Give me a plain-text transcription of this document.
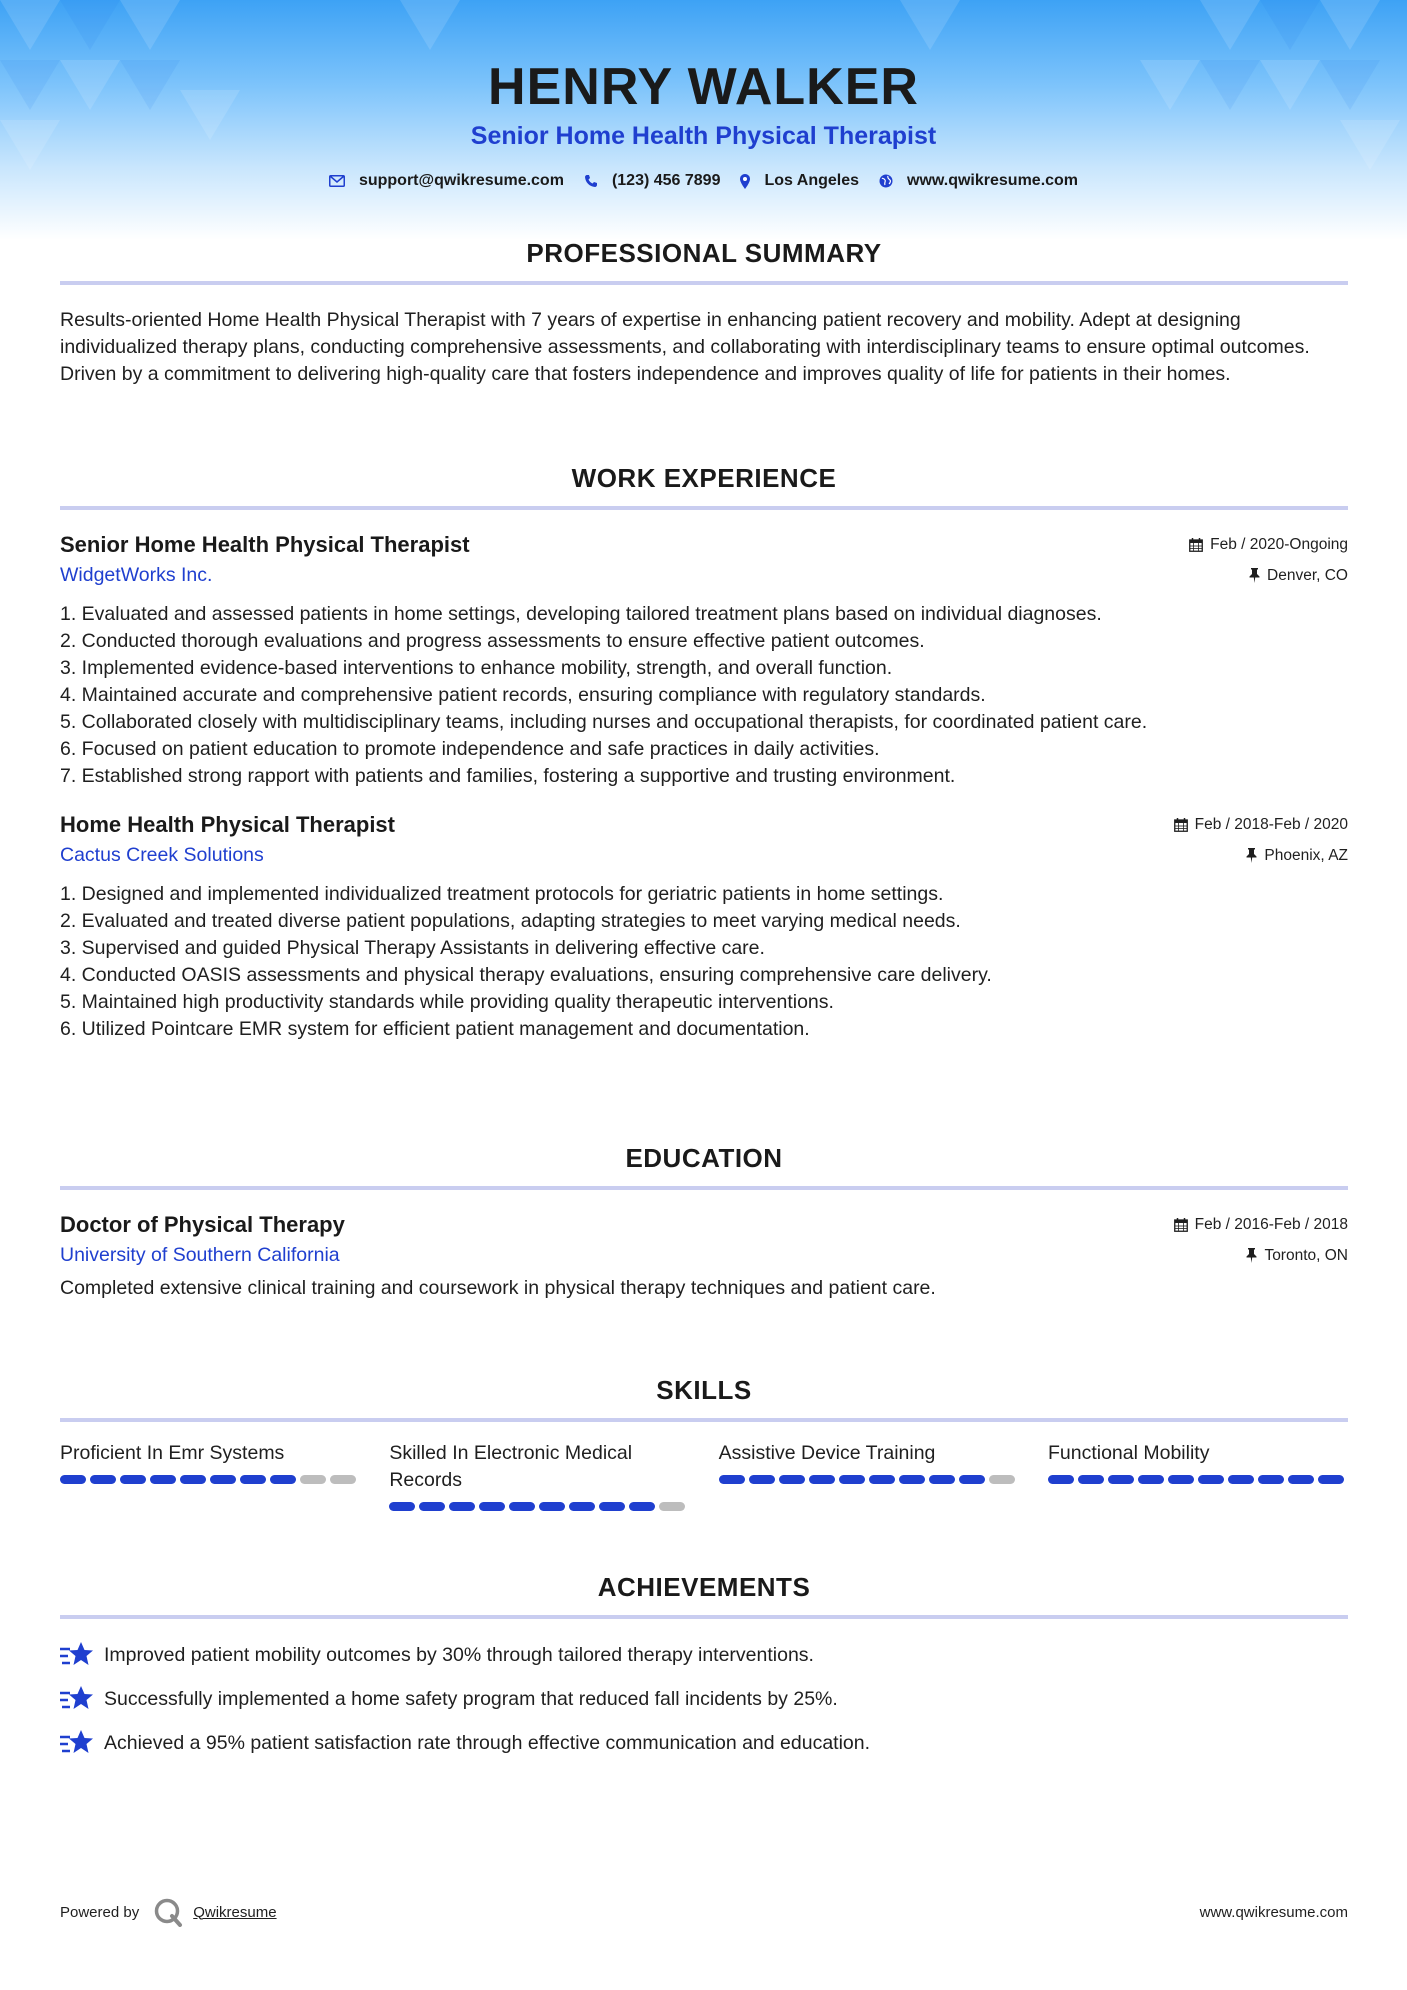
HENRY WALKER
Senior Home Health Physical Therapist
support@qwikresume.com	(123) 456 7899	Los Angeles	www.qwikresume.com
PROFESSIONAL SUMMARY
Results-oriented Home Health Physical Therapist with 7 years of expertise in enhancing patient recovery and mobility. Adept at designing individualized therapy plans, conducting comprehensive assessments, and collaborating with interdisciplinary teams to ensure optimal outcomes. Driven by a commitment to delivering high-quality care that fosters independence and improves quality of life for patients in their homes.
WORK EXPERIENCE
Senior Home Health Physical Therapist	Feb / 2020-Ongoing
WidgetWorks Inc.	Denver, CO
1. Evaluated and assessed patients in home settings, developing tailored treatment plans based on individual diagnoses.
2. Conducted thorough evaluations and progress assessments to ensure effective patient outcomes.
3. Implemented evidence-based interventions to enhance mobility, strength, and overall function.
4. Maintained accurate and comprehensive patient records, ensuring compliance with regulatory standards.
5. Collaborated closely with multidisciplinary teams, including nurses and occupational therapists, for coordinated patient care.
6. Focused on patient education to promote independence and safe practices in daily activities.
7. Established strong rapport with patients and families, fostering a supportive and trusting environment.
Home Health Physical Therapist	Feb / 2018-Feb / 2020
Cactus Creek Solutions	Phoenix, AZ
1. Designed and implemented individualized treatment protocols for geriatric patients in home settings.
2. Evaluated and treated diverse patient populations, adapting strategies to meet varying medical needs.
3. Supervised and guided Physical Therapy Assistants in delivering effective care.
4. Conducted OASIS assessments and physical therapy evaluations, ensuring comprehensive care delivery.
5. Maintained high productivity standards while providing quality therapeutic interventions.
6. Utilized Pointcare EMR system for efficient patient management and documentation.
EDUCATION
Doctor of Physical Therapy	Feb / 2016-Feb / 2018
University of Southern California	Toronto, ON
Completed extensive clinical training and coursework in physical therapy techniques and patient care.
SKILLS
Proficient In Emr Systems	Skilled In Electronic Medical Records
Assistive Device Training	Functional Mobility
ACHIEVEMENTS
Improved patient mobility outcomes by 30% through tailored therapy interventions.
Successfully implemented a home safety program that reduced fall incidents by 25%.
Achieved a 95% patient satisfaction rate through effective communication and education.
Powered by	Qwikresume	www.qwikresume.com
